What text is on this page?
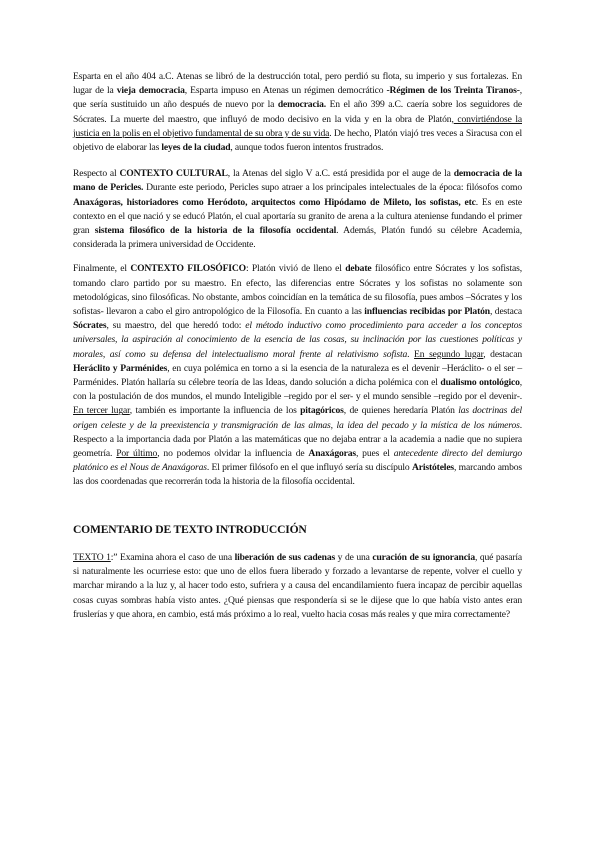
Esparta en el año 404 a.C. Atenas se libró de la destrucción total, pero perdió su flota, su imperio y sus fortalezas. En lugar de la vieja democracia, Esparta impuso en Atenas un régimen democrático -Régimen de los Treinta Tiranos-, que sería sustituido un año después de nuevo por la democracia. En el año 399 a.C. caería sobre los seguidores de Sócrates. La muerte del maestro, que influyó de modo decisivo en la vida y en la obra de Platón, convirtiéndose la justicia en la polis en el objetivo fundamental de su obra y de su vida. De hecho, Platón viajó tres veces a Siracusa con el objetivo de elaborar las leyes de la ciudad, aunque todos fueron intentos frustrados.

Respecto al CONTEXTO CULTURAL, la Atenas del siglo V a.C. está presidida por el auge de la democracia de la mano de Pericles. Durante este periodo, Pericles supo atraer a los principales intelectuales de la época: filósofos como Anaxágoras, historiadores como Heródoto, arquitectos como Hipódamo de Mileto, los sofistas, etc. Es en este contexto en el que nació y se educó Platón, el cual aportaría su granito de arena a la cultura ateniense fundando el primer gran sistema filosófico de la historia de la filosofía occidental. Además, Platón fundó su célebre Academia, considerada la primera universidad de Occidente.

Finalmente, el CONTEXTO FILOSÓFICO: Platón vivió de lleno el debate filosófico entre Sócrates y los sofistas, tomando claro partido por su maestro. En efecto, las diferencias entre Sócrates y los sofistas no solamente son metodológicas, sino filosóficas. No obstante, ambos coincidían en la temática de su filosofía, pues ambos –Sócrates y los sofistas- llevaron a cabo el giro antropológico de la Filosofía. En cuanto a las influencias recibidas por Platón, destaca Sócrates, su maestro, del que heredó todo: el método inductivo como procedimiento para acceder a los conceptos universales, la aspiración al conocimiento de la esencia de las cosas, su inclinación por las cuestiones políticas y morales, así como su defensa del intelectualismo moral frente al relativismo sofista. En segundo lugar, destacan Heráclito y Parménides, en cuya polémica en torno a si la esencia de la naturaleza es el devenir –Heráclito- o el ser – Parménides. Platón hallaría su célebre teoría de las Ideas, dando solución a dicha polémica con el dualismo ontológico, con la postulación de dos mundos, el mundo Inteligible –regido por el ser- y el mundo sensible –regido por el devenir-. En tercer lugar, también es importante la influencia de los pitagóricos, de quienes heredaría Platón las doctrinas del origen celeste y de la preexistencia y transmigración de las almas, la idea del pecado y la mística de los números. Respecto a la importancia dada por Platón a las matemáticas que no dejaba entrar a la academia a nadie que no supiera geometría. Por último, no podemos olvidar la influencia de Anaxágoras, pues el antecedente directo del demiurgo platónico es el Nous de Anaxágoras. El primer filósofo en el que influyó sería su discípulo Aristóteles, marcando ambos las dos coordenadas que recorrerán toda la historia de la filosofía occidental.

COMENTARIO DE TEXTO INTRODUCCIÓN

TEXTO 1:” Examina ahora el caso de una liberación de sus cadenas y de una curación de su ignorancia, qué pasaría si naturalmente les ocurriese esto: que uno de ellos fuera liberado y forzado a levantarse de repente, volver el cuello y marchar mirando a la luz y, al hacer todo esto, sufriera y a causa del encandilamiento fuera incapaz de percibir aquellas cosas cuyas sombras había visto antes. ¿Qué piensas que respondería si se le dijese que lo que había visto antes eran fruslerías y que ahora, en cambio, está más próximo a lo real, vuelto hacia cosas más reales y que mira correctamente?
